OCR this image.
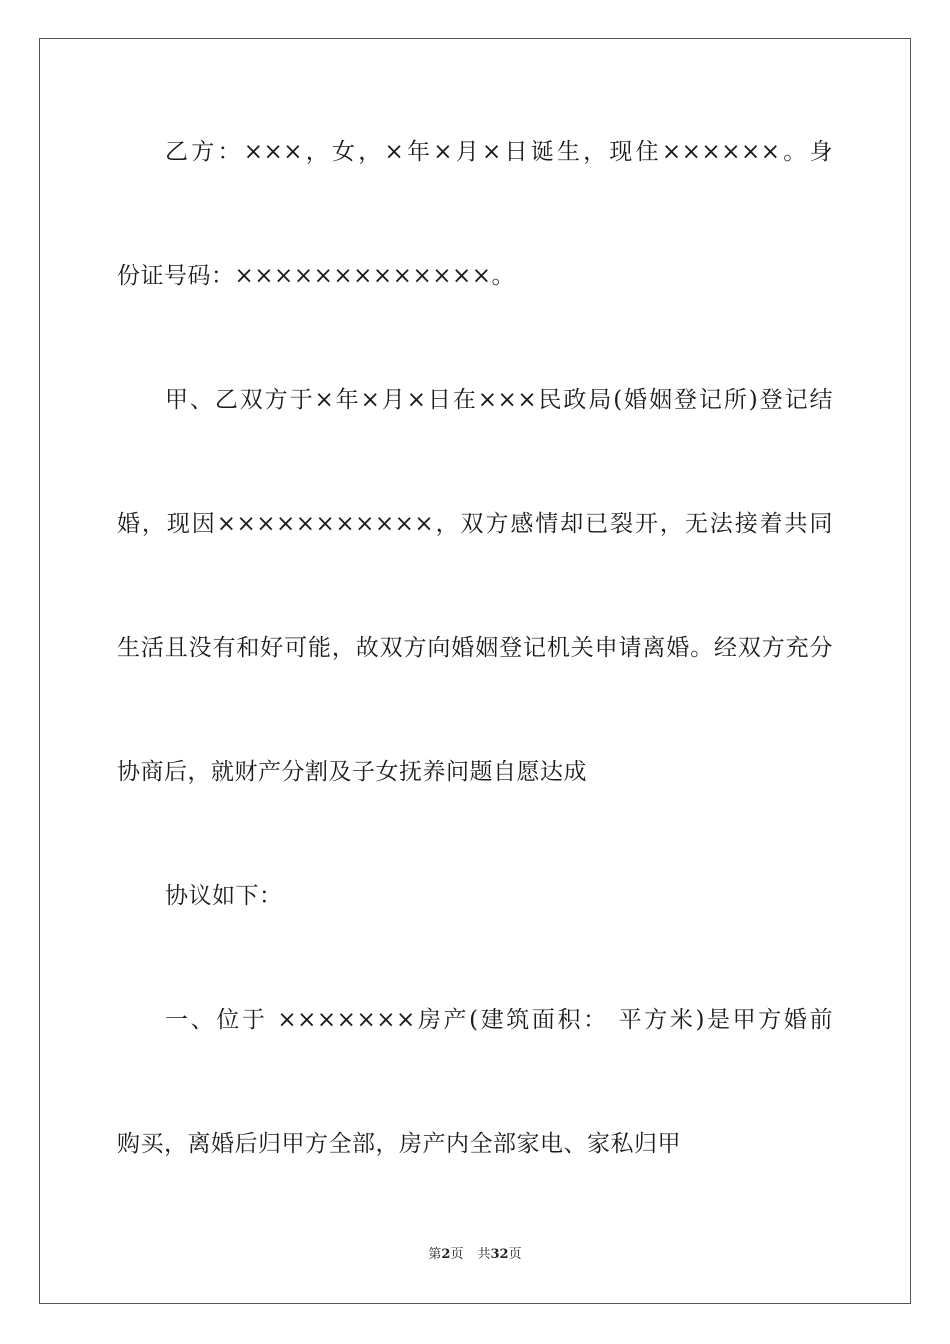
乙方：×××，女，×年×月×日诞生，现住××××××。身
份证号码：×××××××××××××。
甲、乙双方于×年×月×日在×××民政局(婚姻登记所)登记结
婚，现因×××××××××××，双方感情却已裂开，无法接着共同
生活且没有和好可能，故双方向婚姻登记机关申请离婚。经双方充分
协商后，就财产分割及子女抚养问题自愿达成
协议如下：
一、位于 ×××××××房产(建筑面积： 平方米)是甲方婚前
购买，离婚后归甲方全部，房产内全部家电、家私归甲
第2页 共32页
